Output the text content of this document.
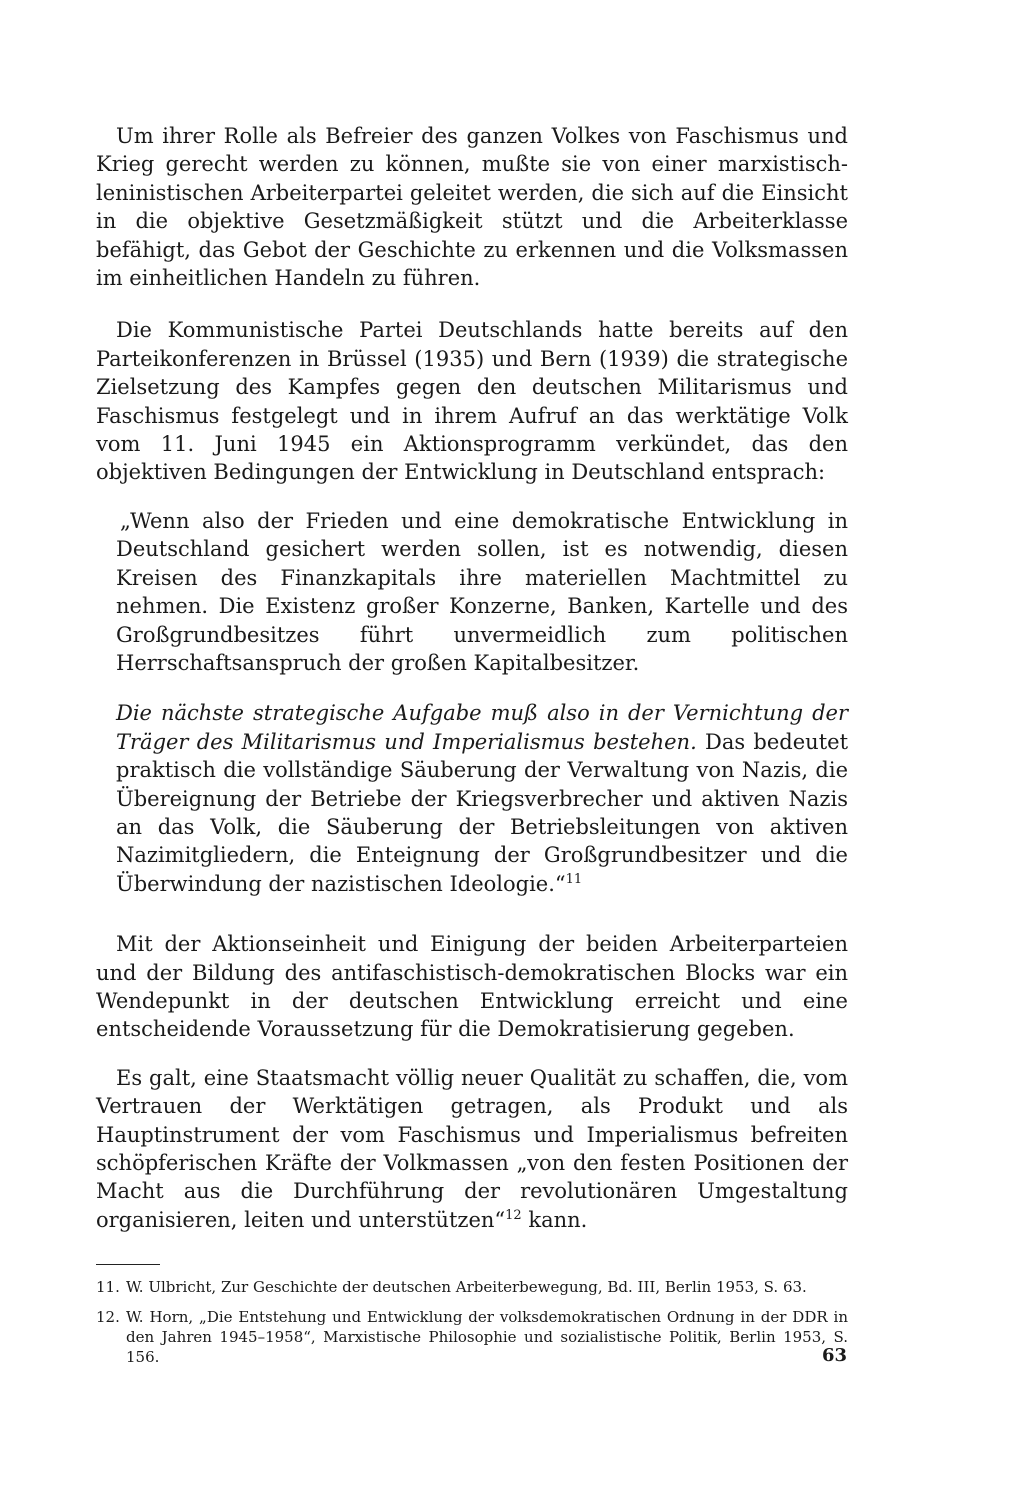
Um ihrer Rolle als Befreier des ganzen Volkes von Faschismus und Krieg gerecht werden zu können, mußte sie von einer marxistisch-leninistischen Arbeiterpartei geleitet werden, die sich auf die Einsicht in die objektive Gesetzmäßigkeit stützt und die Arbeiterklasse befähigt, das Gebot der Geschichte zu erkennen und die Volksmassen im einheitlichen Handeln zu führen.

Die Kommunistische Partei Deutschlands hatte bereits auf den Parteikonferenzen in Brüssel (1935) und Bern (1939) die strategische Zielsetzung des Kampfes gegen den deutschen Militarismus und Faschismus festgelegt und in ihrem Aufruf an das werktätige Volk vom 11. Juni 1945 ein Aktionsprogramm verkündet, das den objektiven Bedingungen der Entwicklung in Deutschland entsprach:

„Wenn also der Frieden und eine demokratische Entwicklung in Deutschland gesichert werden sollen, ist es notwendig, diesen Kreisen des Finanzkapitals ihre materiellen Machtmittel zu nehmen. Die Existenz großer Konzerne, Banken, Kartelle und des Großgrundbesitzes führt unvermeidlich zum politischen Herrschaftsanspruch der großen Kapitalbesitzer.

Die nächste strategische Aufgabe muß also in der Vernichtung der Träger des Militarismus und Imperialismus bestehen. Das bedeutet praktisch die vollständige Säuberung der Verwaltung von Nazis, die Übereignung der Betriebe der Kriegsverbrecher und aktiven Nazis an das Volk, die Säuberung der Betriebsleitungen von aktiven Nazimitgliedern, die Enteignung der Großgrundbesitzer und die Überwindung der nazistischen Ideologie.“$^{11}$

Mit der Aktionseinheit und Einigung der beiden Arbeiterparteien und der Bildung des antifaschistisch-demokratischen Blocks war ein Wendepunkt in der deutschen Entwicklung erreicht und eine entscheidende Voraussetzung für die Demokratisierung gegeben.

Es galt, eine Staatsmacht völlig neuer Qualität zu schaffen, die, vom Vertrauen der Werktätigen getragen, als Produkt und als Hauptinstrument der vom Faschismus und Imperialismus befreiten schöpferischen Kräfte der Volkmassen „von den festen Positionen der Macht aus die Durchführung der revolutionären Umgestaltung organisieren, leiten und unterstützen“$^{12}$ kann.

11. W. Ulbricht, Zur Geschichte der deutschen Arbeiterbewegung, Bd. III, Berlin 1953, S. 63.
12. W. Horn, „Die Entstehung und Entwicklung der volksdemokratischen Ordnung in der DDR in den Jahren 1945–1958“, Marxistische Philosophie und sozialistische Politik, Berlin 1953, S. 156.	63
